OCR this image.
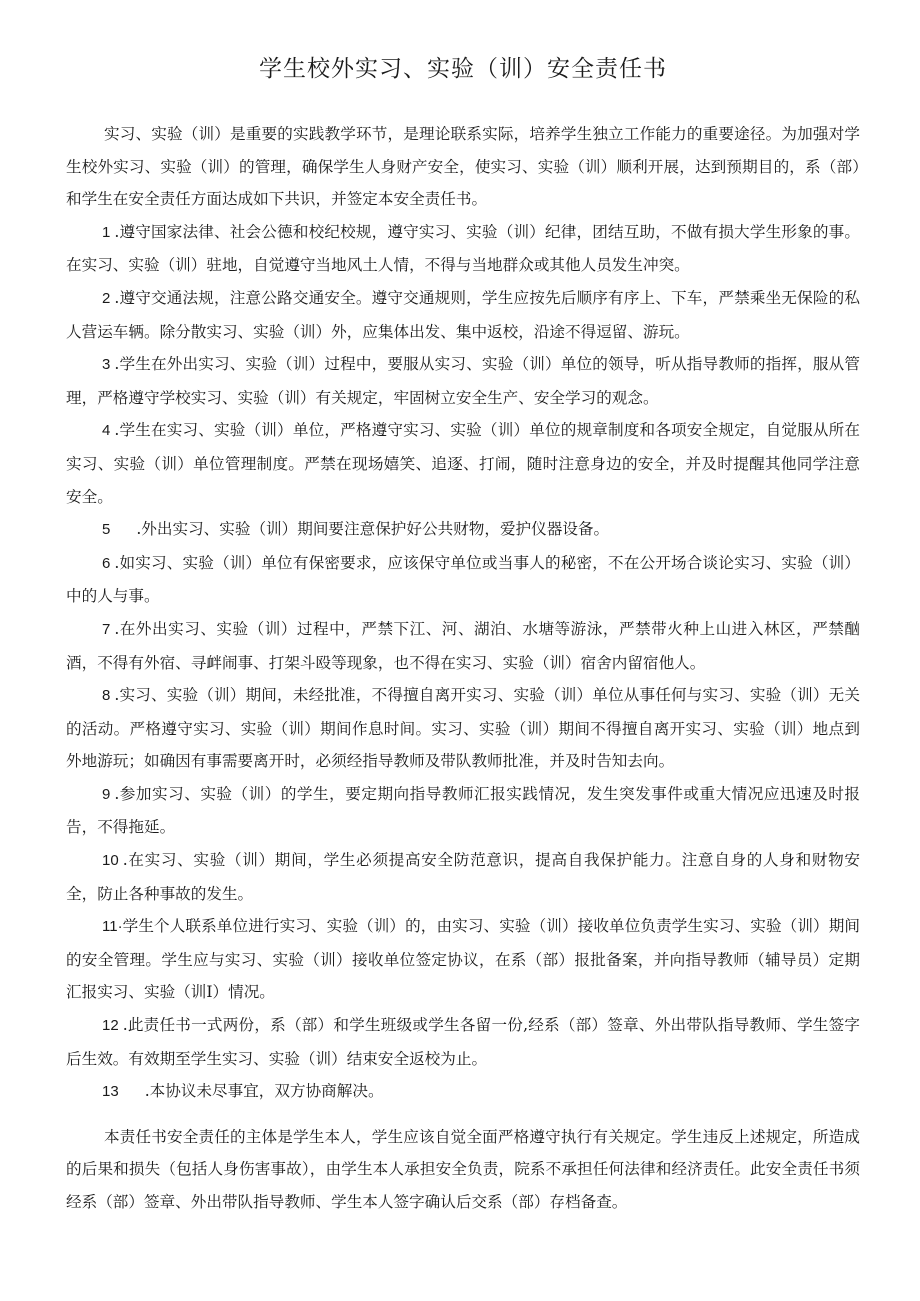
学生校外实习、实验（训）安全责任书

实习、实验（训）是重要的实践教学环节，是理论联系实际，培养学生独立工作能力的重要途径。为加强对学生校外实习、实验（训）的管理，确保学生人身财产安全，使实习、实验（训）顺利开展，达到预期目的，系（部）和学生在安全责任方面达成如下共识，并签定本安全责任书。

1 .遵守国家法律、社会公德和校纪校规，遵守实习、实验（训）纪律，团结互助，不做有损大学生形象的事。在实习、实验（训）驻地，自觉遵守当地风土人情，不得与当地群众或其他人员发生冲突。

2 .遵守交通法规，注意公路交通安全。遵守交通规则，学生应按先后顺序有序上、下车，严禁乘坐无保险的私人营运车辆。除分散实习、实验（训）外，应集体出发、集中返校，沿途不得逗留、游玩。

3 .学生在外出实习、实验（训）过程中，要服从实习、实验（训）单位的领导，听从指导教师的指挥，服从管理，严格遵守学校实习、实验（训）有关规定，牢固树立安全生产、安全学习的观念。

4 .学生在实习、实验（训）单位，严格遵守实习、实验（训）单位的规章制度和各项安全规定，自觉服从所在实习、实验（训）单位管理制度。严禁在现场嬉笑、追逐、打闹，随时注意身边的安全，并及时提醒其他同学注意安全。

5 .外出实习、实验（训）期间要注意保护好公共财物，爱护仪器设备。

6 .如实习、实验（训）单位有保密要求，应该保守单位或当事人的秘密，不在公开场合谈论实习、实验（训）中的人与事。

7 .在外出实习、实验（训）过程中，严禁下江、河、湖泊、水塘等游泳，严禁带火种上山进入林区，严禁酗酒，不得有外宿、寻衅闹事、打架斗殴等现象，也不得在实习、实验（训）宿舍内留宿他人。

8 .实习、实验（训）期间，未经批准，不得擅自离开实习、实验（训）单位从事任何与实习、实验（训）无关的活动。严格遵守实习、实验（训）期间作息时间。实习、实验（训）期间不得擅自离开实习、实验（训）地点到外地游玩；如确因有事需要离开时，必须经指导教师及带队教师批准，并及时告知去向。

9 .参加实习、实验（训）的学生，要定期向指导教师汇报实践情况，发生突发事件或重大情况应迅速及时报告，不得拖延。

10 .在实习、实验（训）期间，学生必须提高安全防范意识，提高自我保护能力。注意自身的人身和财物安全，防止各种事故的发生。

11·学生个人联系单位进行实习、实验（训）的，由实习、实验（训）接收单位负责学生实习、实验（训）期间的安全管理。学生应与实习、实验（训）接收单位签定协议，在系（部）报批备案，并向指导教师（辅导员）定期汇报实习、实验（训I）情况。

12 .此责任书一式两份，系（部）和学生班级或学生各留一份,经系（部）签章、外出带队指导教师、学生签字后生效。有效期至学生实习、实验（训）结束安全返校为止。

13 .本协议未尽事宜，双方协商解决。

本责任书安全责任的主体是学生本人，学生应该自觉全面严格遵守执行有关规定。学生违反上述规定，所造成的后果和损失（包括人身伤害事故），由学生本人承担安全负责，院系不承担任何法律和经济责任。此安全责任书须经系（部）签章、外出带队指导教师、学生本人签字确认后交系（部）存档备查。
